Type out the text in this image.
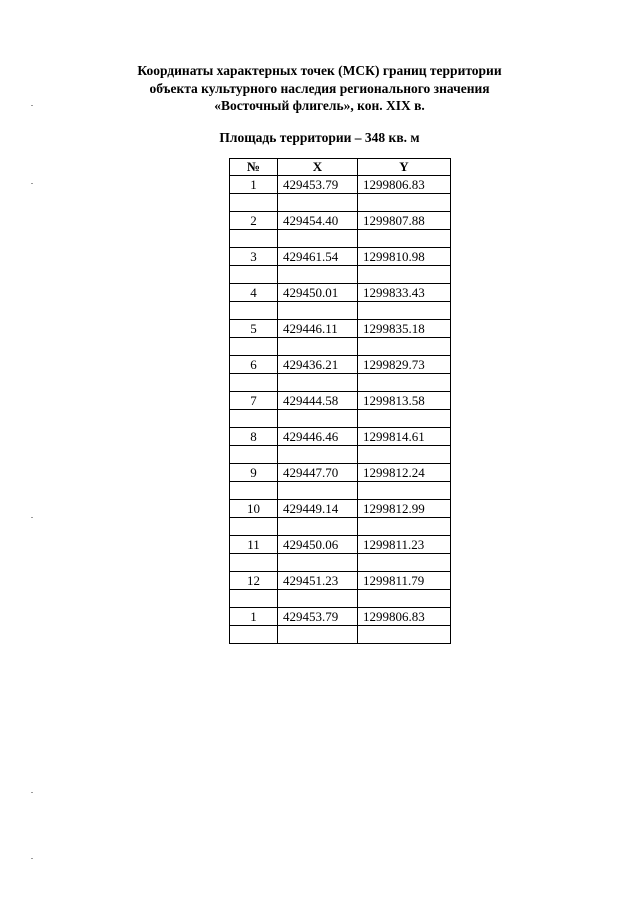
Координаты характерных точек (МСК) границ территории
объекта культурного наследия регионального значения
«Восточный флигель», кон. XIX в.
Площадь территории – 348 кв. м
№	X	Y
1	429453.79	1299806.83

2	429454.40	1299807.88

3	429461.54	1299810.98

4	429450.01	1299833.43

5	429446.11	1299835.18

6	429436.21	1299829.73

7	429444.58	1299813.58

8	429446.46	1299814.61

9	429447.70	1299812.24

10	429449.14	1299812.99

11	429450.06	1299811.23

12	429451.23	1299811.79

1	429453.79	1299806.83
